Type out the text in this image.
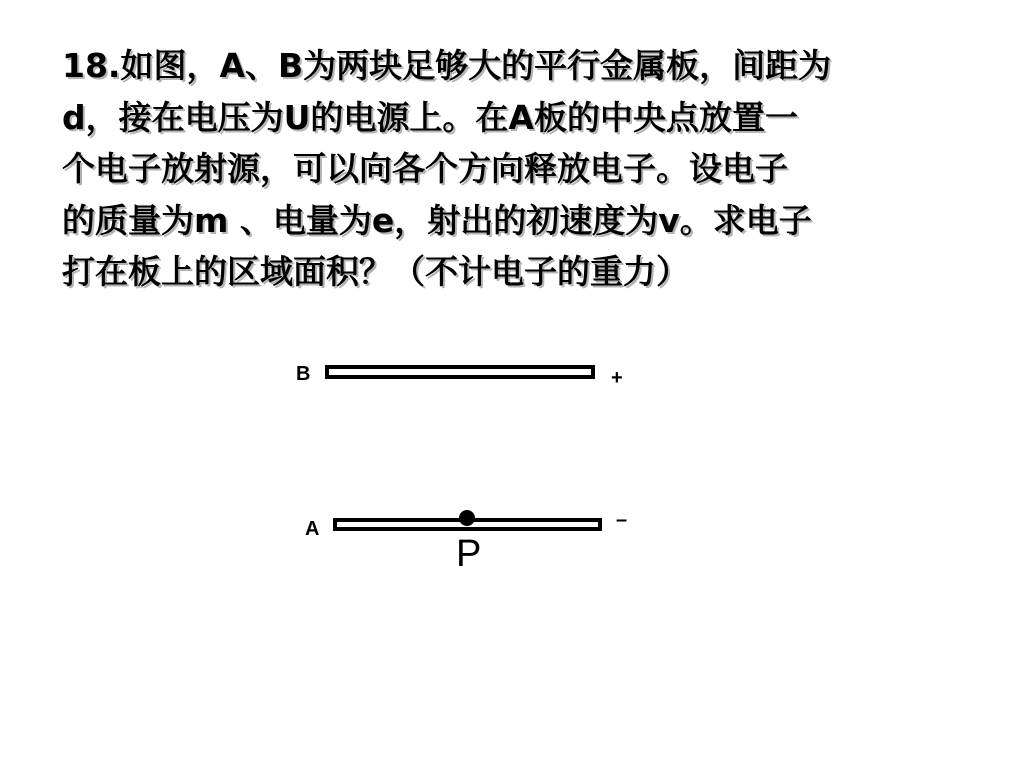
18.如图，A、B为两块足够大的平行金属板，间距为
d，接在电压为U的电源上。在A板的中央点放置一
个电子放射源，可以向各个方向释放电子。设电子
的质量为m 、电量为e，射出的初速度为v。求电子
打在板上的区域面积？（不计电子的重力）
B	+
A	–
P
